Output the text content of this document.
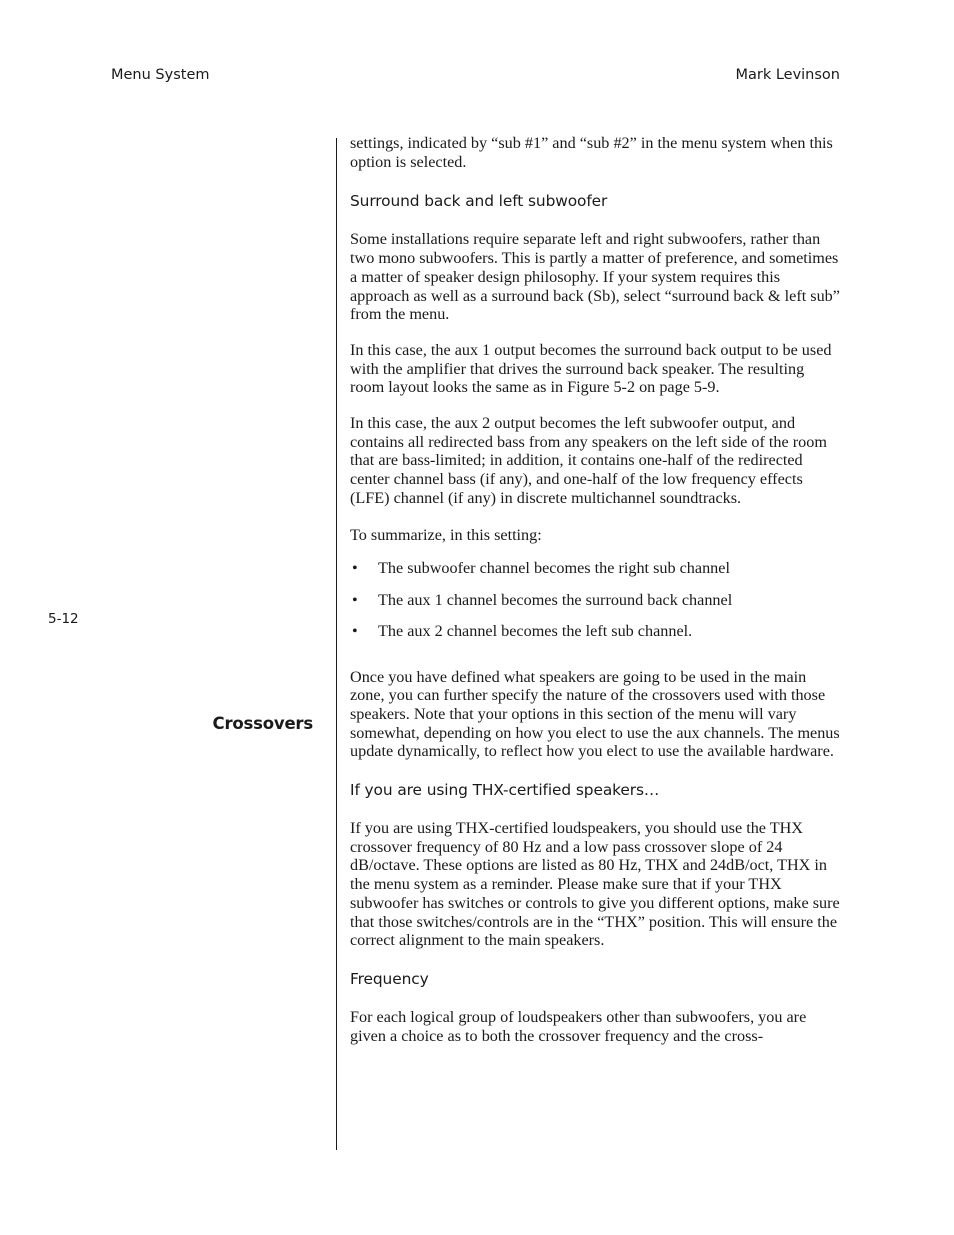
Menu System	Mark Levinson
5-12
Crossovers

settings, indicated by “sub #1” and “sub #2” in the menu system when this option is selected.

Surround back and left subwoofer

Some installations require separate left and right subwoofers, rather than two mono subwoofers. This is partly a matter of preference, and sometimes a matter of speaker design philosophy. If your system requires this approach as well as a surround back (Sb), select “surround back & left sub” from the menu.

In this case, the aux 1 output becomes the surround back output to be used with the amplifier that drives the surround back speaker. The resulting room layout looks the same as in Figure 5-2 on page 5-9.

In this case, the aux 2 output becomes the left subwoofer output, and contains all redirected bass from any speakers on the left side of the room that are bass-limited; in addition, it contains one-half of the redirected center channel bass (if any), and one-half of the low frequency effects (LFE) channel (if any) in discrete multichannel soundtracks.

To summarize, in this setting:

• The subwoofer channel becomes the right sub channel
• The aux 1 channel becomes the surround back channel
• The aux 2 channel becomes the left sub channel.

Once you have defined what speakers are going to be used in the main zone, you can further specify the nature of the crossovers used with those speakers. Note that your options in this section of the menu will vary somewhat, depending on how you elect to use the aux channels. The menus update dynamically, to reflect how you elect to use the available hardware.

If you are using THX-certified speakers…

If you are using THX-certified loudspeakers, you should use the THX crossover frequency of 80 Hz and a low pass crossover slope of 24 dB/octave. These options are listed as 80 Hz, THX and 24dB/oct, THX in the menu system as a reminder. Please make sure that if your THX subwoofer has switches or controls to give you different options, make sure that those switches/controls are in the “THX” position. This will ensure the correct alignment to the main speakers.

Frequency

For each logical group of loudspeakers other than subwoofers, you are given a choice as to both the crossover frequency and the cross-
